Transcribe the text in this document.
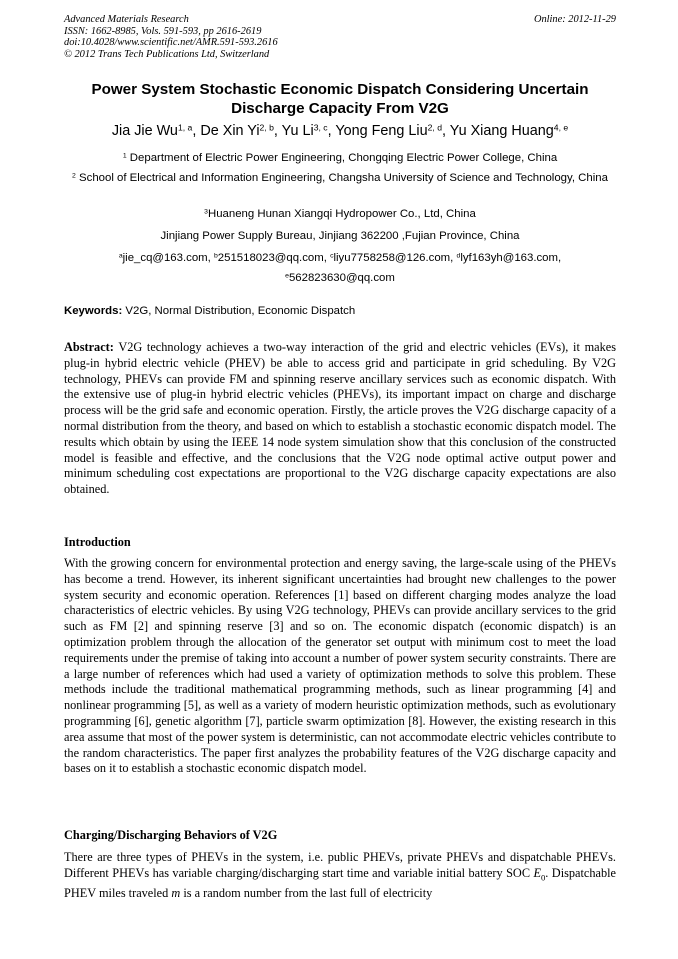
Advanced Materials Research
ISSN: 1662-8985, Vols. 591-593, pp 2616-2619
doi:10.4028/www.scientific.net/AMR.591-593.2616
© 2012 Trans Tech Publications Ltd, Switzerland
Online: 2012-11-29
Power System Stochastic Economic Dispatch Considering Uncertain Discharge Capacity From V2G
Jia Jie Wu$^{1, a}$, De Xin Yi$^{2, b}$, Yu Li$^{3, c}$, Yong Feng Liu$^{2, d}$, Yu Xiang Huang$^{4, e}$
$^1$ Department of Electric Power Engineering, Chongqing Electric Power College, China
$^2$ School of Electrical and Information Engineering, Changsha University of Science and Technology, China
$^3$Huaneng Hunan Xiangqi Hydropower Co., Ltd, China
Jinjiang Power Supply Bureau, Jinjiang 362200 ,Fujian Province, China
$^a$jie_cq@163.com, $^b$251518023@qq.com, $^c$liyu7758258@126.com, $^d$lyf163yh@163.com,
$^e$562823630@qq.com
Keywords: V2G, Normal Distribution, Economic Dispatch
Abstract: V2G technology achieves a two-way interaction of the grid and electric vehicles (EVs), it makes plug-in hybrid electric vehicle (PHEV) be able to access grid and participate in grid scheduling. By V2G technology, PHEVs can provide FM and spinning reserve ancillary services such as economic dispatch. With the extensive use of plug-in hybrid electric vehicles (PHEVs), its important impact on charge and discharge process will be the grid safe and economic operation. Firstly, the article proves the V2G discharge capacity of a normal distribution from the theory, and based on which to establish a stochastic economic dispatch model. The results which obtain by using the IEEE 14 node system simulation show that this conclusion of the constructed model is feasible and effective, and the conclusions that the V2G node optimal active output power and minimum scheduling cost expectations are proportional to the V2G discharge capacity expectations are also obtained.
Introduction
With the growing concern for environmental protection and energy saving, the large-scale using of the PHEVs has become a trend. However, its inherent significant uncertainties had brought new challenges to the power system security and economic operation. References [1] based on different charging modes analyze the load characteristics of electric vehicles. By using V2G technology, PHEVs can provide ancillary services to the grid such as FM [2] and spinning reserve [3] and so on. The economic dispatch (economic dispatch) is an optimization problem through the allocation of the generator set output with minimum cost to meet the load requirements under the premise of taking into account a number of power system security constraints. There are a large number of references which had used a variety of optimization methods to solve this problem. These methods include the traditional mathematical programming methods, such as linear programming [4] and nonlinear programming [5], as well as a variety of modern heuristic optimization methods, such as evolutionary programming [6], genetic algorithm [7], particle swarm optimization [8]. However, the existing research in this area assume that most of the power system is deterministic, can not accommodate electric vehicles contribute to the random characteristics. The paper first analyzes the probability features of the V2G discharge capacity and bases on it to establish a stochastic economic dispatch model.
Charging/Discharging Behaviors of V2G
There are three types of PHEVs in the system, i.e. public PHEVs, private PHEVs and dispatchable PHEVs. Different PHEVs has variable charging/discharging start time and variable initial battery SOC $E_0$. Dispatchable PHEV miles traveled m is a random number from the last full of electricity
